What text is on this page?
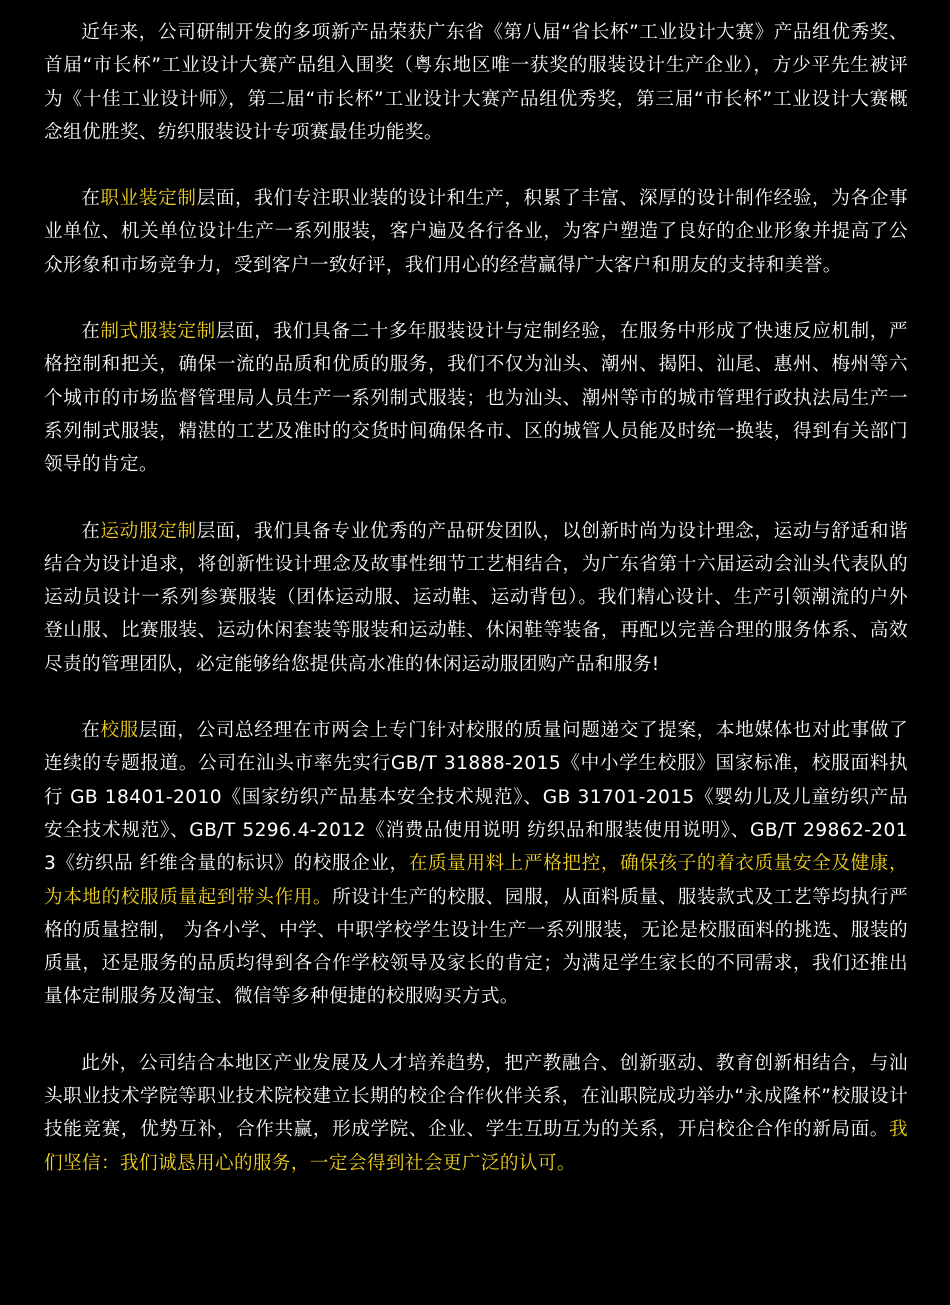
近年来，公司研制开发的多项新产品荣获广东省《第八届“省长杯”工业设计大赛》产品组优秀奖、首届“市长杯”工业设计大赛产品组入围奖（粤东地区唯一获奖的服装设计生产企业），方少平先生被评为《十佳工业设计师》，第二届“市长杯”工业设计大赛产品组优秀奖，第三届“市长杯”工业设计大赛概念组优胜奖、纺织服装设计专项赛最佳功能奖。

在职业装定制层面，我们专注职业装的设计和生产，积累了丰富、深厚的设计制作经验，为各企事业单位、机关单位设计生产一系列服装，客户遍及各行各业，为客户塑造了良好的企业形象并提高了公众形象和市场竞争力，受到客户一致好评，我们用心的经营赢得广大客户和朋友的支持和美誉。

在制式服装定制层面，我们具备二十多年服装设计与定制经验，在服务中形成了快速反应机制，严格控制和把关，确保一流的品质和优质的服务，我们不仅为汕头、潮州、揭阳、汕尾、惠州、梅州等六个城市的市场监督管理局人员生产一系列制式服装；也为汕头、潮州等市的城市管理行政执法局生产一系列制式服装，精湛的工艺及准时的交货时间确保各市、区的城管人员能及时统一换装，得到有关部门领导的肯定。

在运动服定制层面，我们具备专业优秀的产品研发团队，以创新时尚为设计理念，运动与舒适和谐结合为设计追求，将创新性设计理念及故事性细节工艺相结合，为广东省第十六届运动会汕头代表队的运动员设计一系列参赛服装（团体运动服、运动鞋、运动背包）。我们精心设计、生产引领潮流的户外登山服、比赛服装、运动休闲套装等服装和运动鞋、休闲鞋等装备，再配以完善合理的服务体系、高效尽责的管理团队，必定能够给您提供高水准的休闲运动服团购产品和服务!

在校服层面，公司总经理在市两会上专门针对校服的质量问题递交了提案，本地媒体也对此事做了连续的专题报道。公司在汕头市率先实行GB/T 31888-2015《中小学生校服》国家标准，校服面料执行 GB 18401-2010《国家纺织产品基本安全技术规范》、GB 31701-2015《婴幼儿及儿童纺织产品安全技术规范》、GB/T 5296.4-2012《消费品使用说明 纺织品和服装使用说明》、GB/T 29862-2013《纺织品 纤维含量的标识》的校服企业，在质量用料上严格把控，确保孩子的着衣质量安全及健康，为本地的校服质量起到带头作用。所设计生产的校服、园服，从面料质量、服装款式及工艺等均执行严格的质量控制， 为各小学、中学、中职学校学生设计生产一系列服装，无论是校服面料的挑选、服装的质量，还是服务的品质均得到各合作学校领导及家长的肯定；为满足学生家长的不同需求，我们还推出量体定制服务及淘宝、微信等多种便捷的校服购买方式。

此外，公司结合本地区产业发展及人才培养趋势，把产教融合、创新驱动、教育创新相结合，与汕头职业技术学院等职业技术院校建立长期的校企合作伙伴关系，在汕职院成功举办“永成隆杯”校服设计技能竞赛，优势互补，合作共赢，形成学院、企业、学生互助互为的关系，开启校企合作的新局面。我们坚信：我们诚恳用心的服务，一定会得到社会更广泛的认可。
